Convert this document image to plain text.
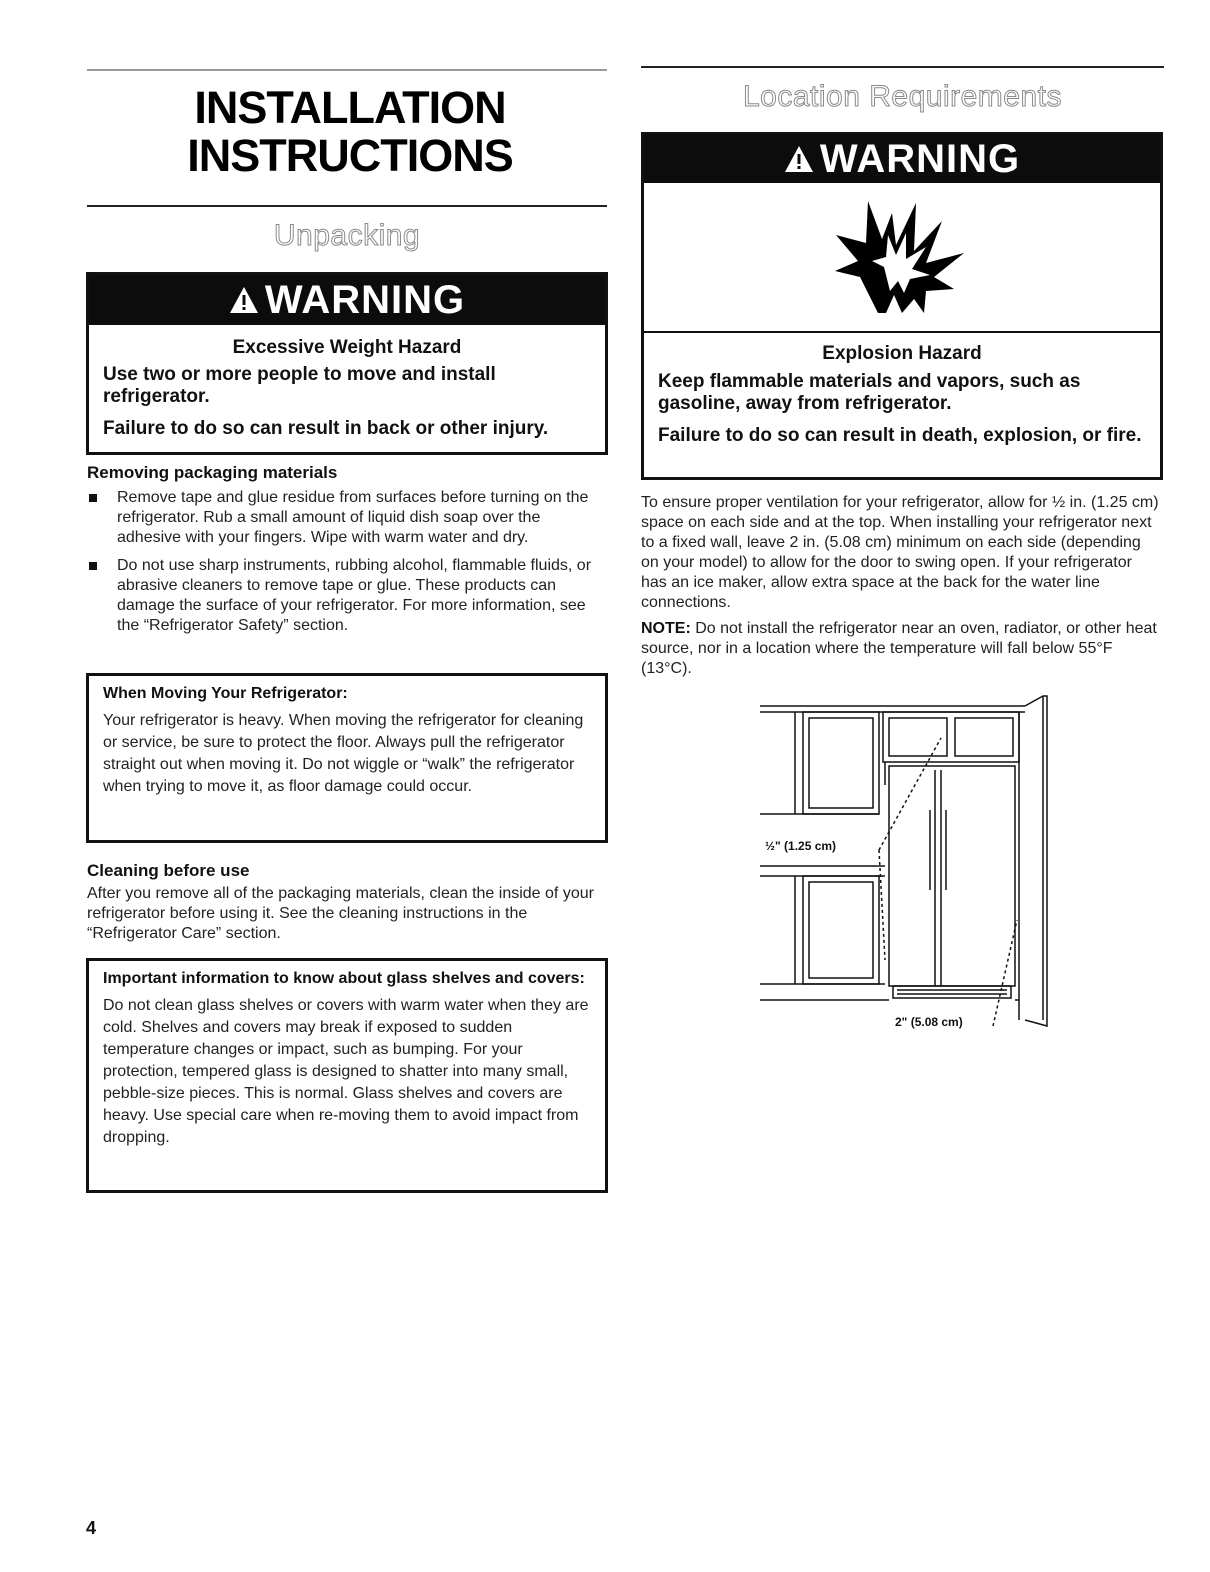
INSTALLATION
INSTRUCTIONS
Unpacking
WARNING

Excessive Weight Hazard

Use two or more people to move and install refrigerator.

Failure to do so can result in back or other injury.

Removing packaging materials
Remove tape and glue residue from surfaces before turning on the refrigerator. Rub a small amount of liquid dish soap over the adhesive with your fingers. Wipe with warm water and dry.
Do not use sharp instruments, rubbing alcohol, flammable fluids, or abrasive cleaners to remove tape or glue. These products can damage the surface of your refrigerator. For more information, see the “Refrigerator Safety” section.

When Moving Your Refrigerator:

Your refrigerator is heavy. When moving the refrigerator for cleaning or service, be sure to protect the floor. Always pull the refrigerator straight out when moving it. Do not wiggle or “walk” the refrigerator when trying to move it, as floor damage could occur.

Cleaning before use
After you remove all of the packaging materials, clean the inside of your refrigerator before using it. See the cleaning instructions in the “Refrigerator Care” section.

Important information to know about glass shelves and covers:

Do not clean glass shelves or covers with warm water when they are cold. Shelves and covers may break if exposed to sudden temperature changes or impact, such as bumping. For your protection, tempered glass is designed to shatter into many small, pebble-size pieces. This is normal. Glass shelves and covers are heavy. Use special care when re-moving them to avoid impact from dropping.

Location Requirements
WARNING

Explosion Hazard

Keep flammable materials and vapors, such as gasoline, away from refrigerator.

Failure to do so can result in death, explosion, or fire.

To ensure proper ventilation for your refrigerator, allow for ½ in. (1.25 cm) space on each side and at the top. When installing your refrigerator next to a fixed wall, leave 2 in. (5.08 cm) minimum on each side (depending on your model) to allow for the door to swing open. If your refrigerator has an ice maker, allow extra space at the back for the water line connections.
NOTE: Do not install the refrigerator near an oven, radiator, or other heat source, nor in a location where the temperature will fall below 55°F (13°C).
½" (1.25 cm)
2" (5.08 cm)
4
